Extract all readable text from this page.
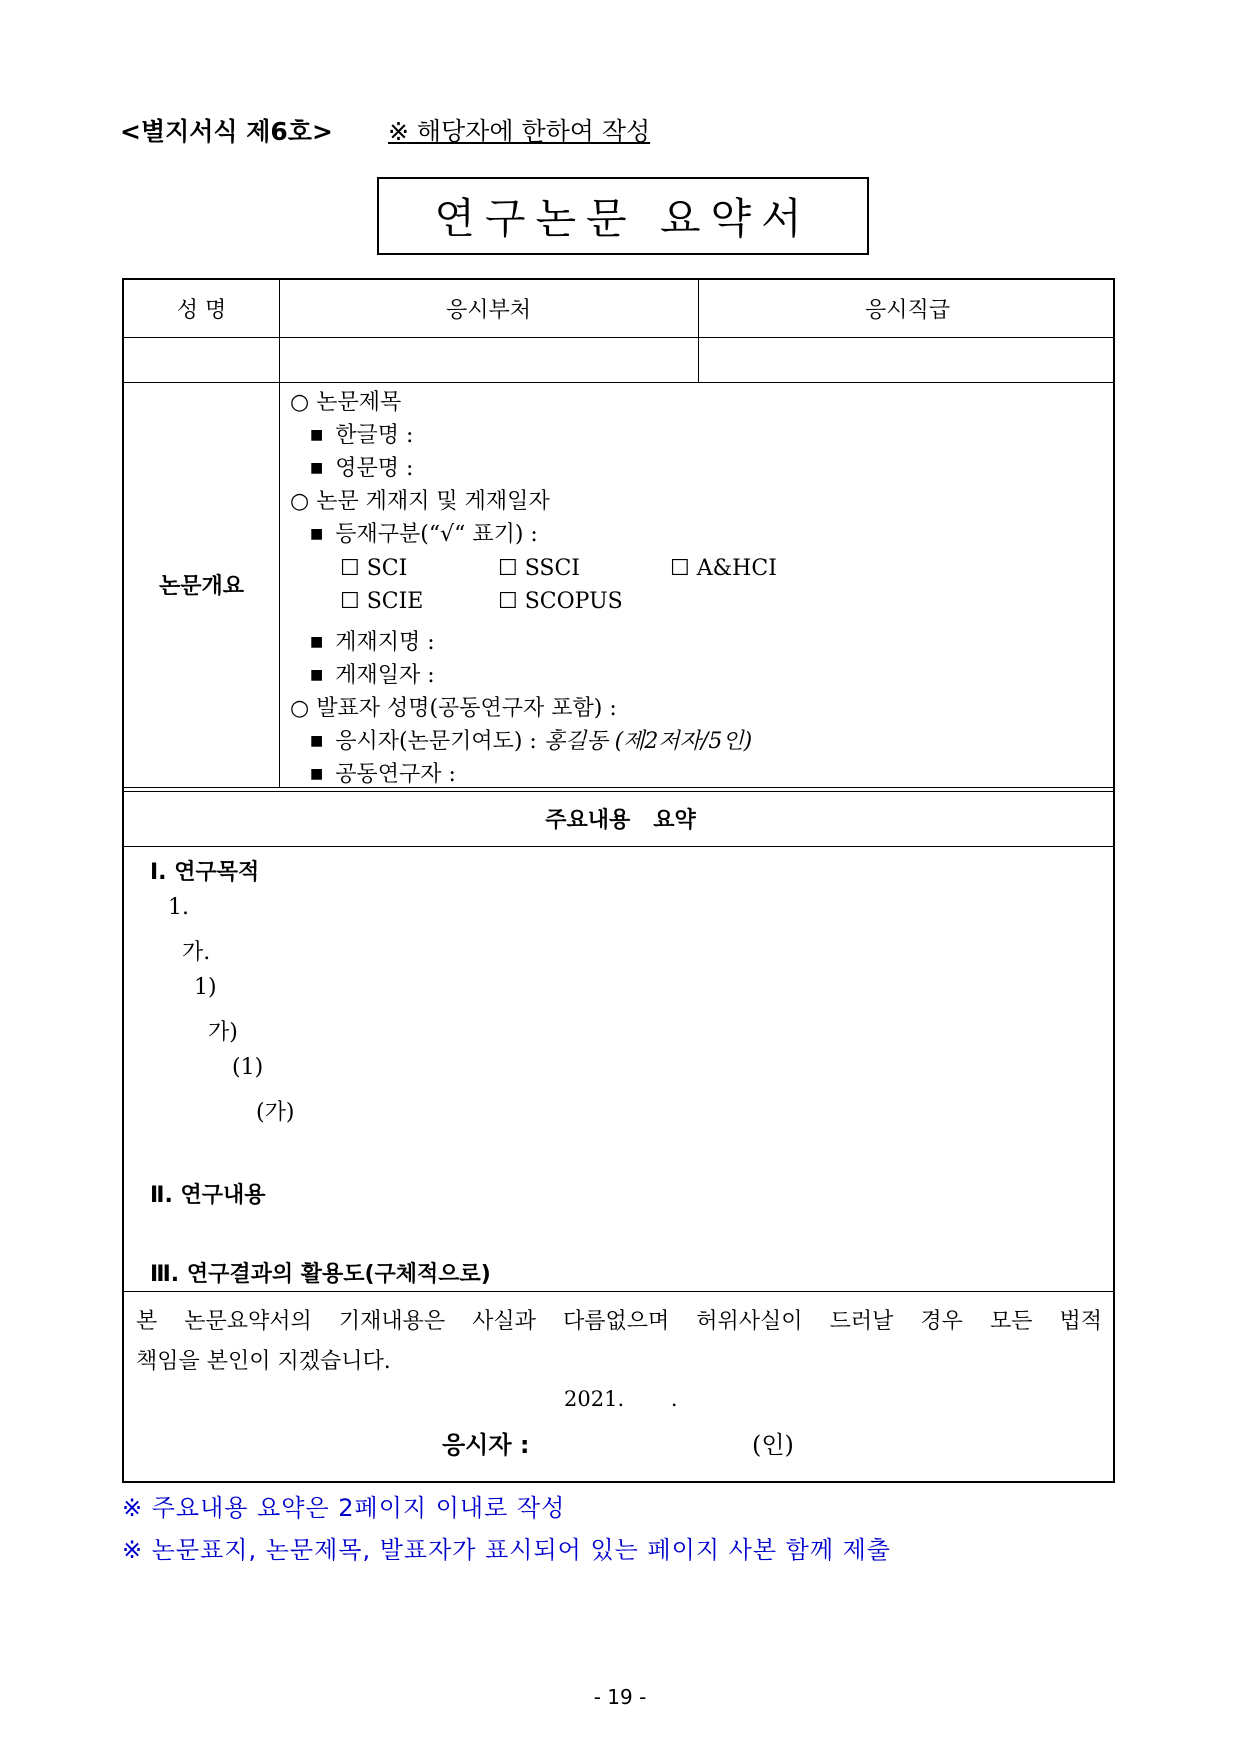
<별지서식 제6호> ※ 해당자에 한하여 작성
연구논문 요약서
성 명	응시부처	응시직급
논문개요
○ 논문제목
■ 한글명 :
■ 영문명 :
○ 논문 게재지 및 게재일자
■ 등재구분(“√“ 표기) :
☐ SCI	☐ SSCI	☐ A&HCI
☐ SCIE	☐ SCOPUS
■ 게재지명 :
■ 게재일자 :
○ 발표자 성명(공동연구자 포함) :
■ 응시자(논문기여도) : 홍길동 (제2저자/5인)
■ 공동연구자 :
주요내용   요약
Ⅰ. 연구목적
1.
가.
1)
가)
(1)
(가)
Ⅱ. 연구내용
Ⅲ. 연구결과의 활용도(구체적으로)
본 논문요약서의 기재내용은 사실과 다름없으며 허위사실이 드러날 경우 모든 법적
책임을 본인이 지겠습니다.
2021.       .
응시자 :	(인)
※ 주요내용 요약은 2페이지 이내로 작성
※ 논문표지, 논문제목, 발표자가 표시되어 있는 페이지 사본 함께 제출
- 19 -
